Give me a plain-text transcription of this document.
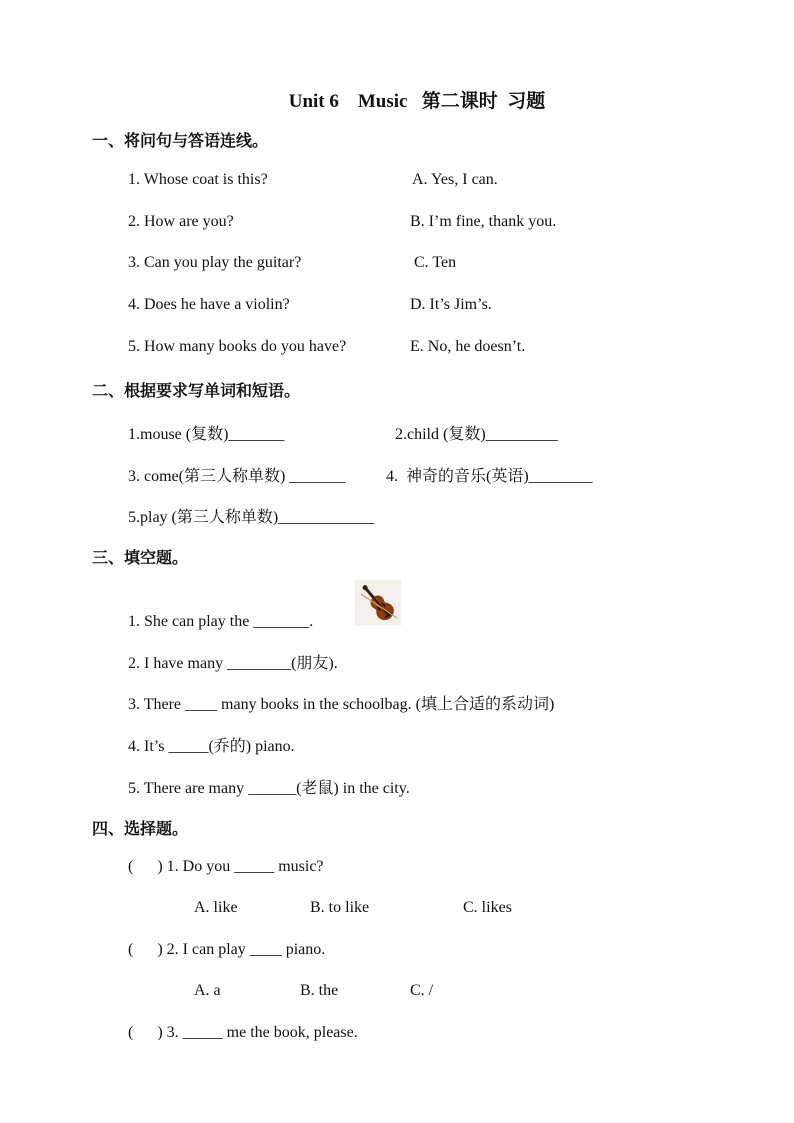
Unit 6    Music   第二课时  习题
一、将问句与答语连线。
1. Whose coat is this?	A. Yes, I can.
2. How are you?	B. I’m fine, thank you.
3. Can you play the guitar?	C. Ten
4. Does he have a violin?	D. It’s Jim’s.
5. How many books do you have?	E. No, he doesn’t.
二、根据要求写单词和短语。
1.mouse (复数)_______	2.child (复数)_________
3. come(第三人称单数) _______	4.  神奇的音乐(英语)________
5.play (第三人称单数)____________
三、填空题。
1. She can play the _______.
2. I have many ________(朋友).
3. There ____ many books in the schoolbag. (填上合适的系动词)
4. It’s _____(乔的) piano.
5. There are many ______(老鼠) in the city.
四、选择题。
(      ) 1. Do you _____ music?
A. like	B. to like	C. likes
(      ) 2. I can play ____ piano.
A. a	B. the	C. /
(      ) 3. _____ me the book, please.
